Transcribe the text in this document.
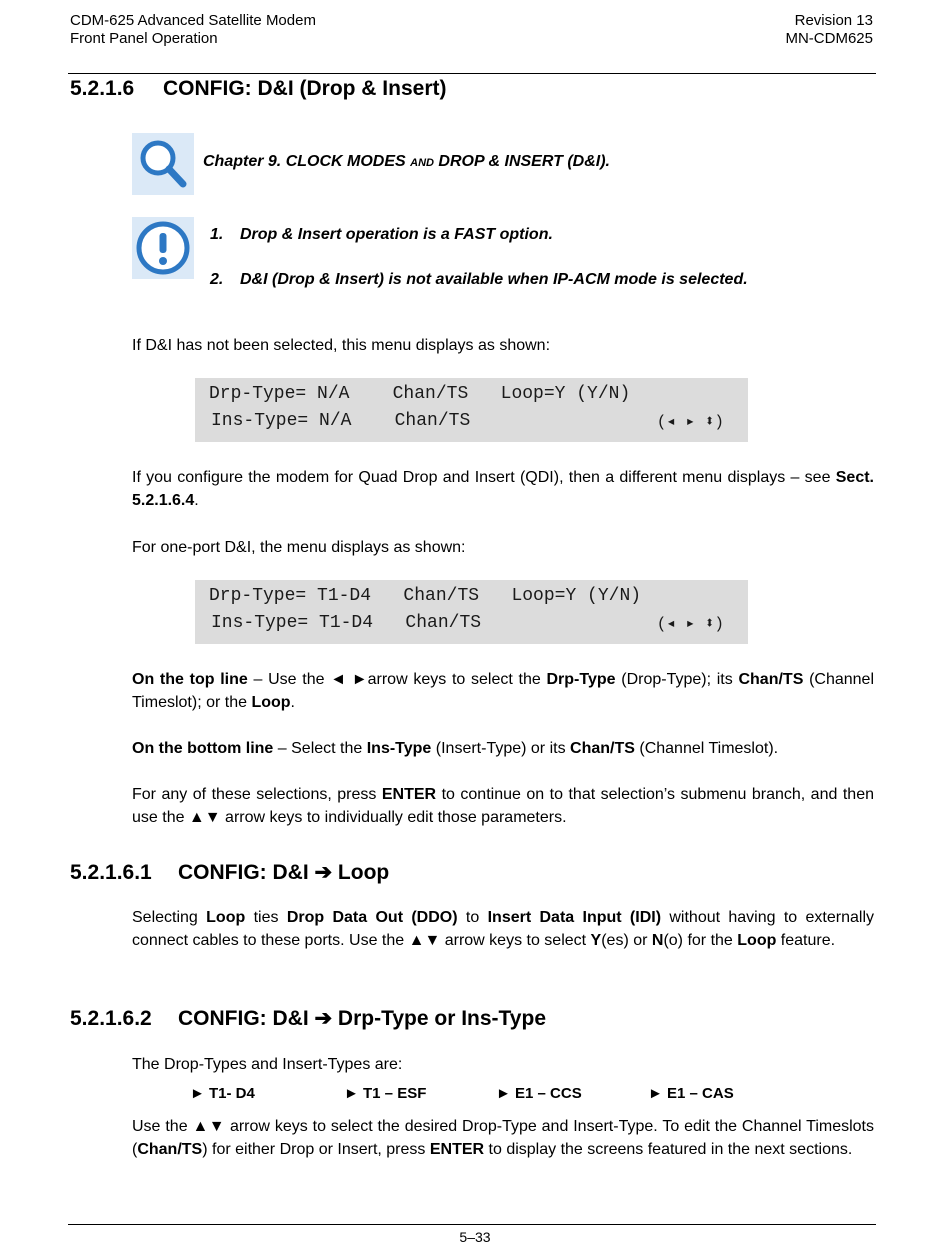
CDM-625 Advanced Satellite Modem
Front Panel Operation
Revision 13
MN-CDM625
5.2.1.6 CONFIG: D&I (Drop & Insert)
Chapter 9. CLOCK MODES AND DROP & INSERT (D&I).
1. Drop & Insert operation is a FAST option.
2. D&I (Drop & Insert) is not available when IP-ACM mode is selected.
If D&I has not been selected, this menu displays as shown:
Drp-Type= N/A    Chan/TS   Loop=Y (Y/N)
Ins-Type= N/A    Chan/TS	(◂ ▸ ⬍)
If you configure the modem for Quad Drop and Insert (QDI), then a different menu displays – see Sect. 5.2.1.6.4.
For one-port D&I, the menu displays as shown:
Drp-Type= T1-D4   Chan/TS   Loop=Y (Y/N)
Ins-Type= T1-D4   Chan/TS	(◂ ▸ ⬍)
On the top line – Use the ◄ ►arrow keys to select the Drp-Type (Drop-Type); its Chan/TS (Channel Timeslot); or the Loop.
On the bottom line – Select the Ins-Type (Insert-Type) or its Chan/TS (Channel Timeslot).
For any of these selections, press ENTER to continue on to that selection’s submenu branch, and then use the ▲▼ arrow keys to individually edit those parameters.
5.2.1.6.1 CONFIG: D&I ➔ Loop
Selecting Loop ties Drop Data Out (DDO) to Insert Data Input (IDI) without having to externally connect cables to these ports. Use the ▲▼ arrow keys to select Y(es) or N(o) for the Loop feature.
5.2.1.6.2 CONFIG: D&I ➔ Drp-Type or Ins-Type
The Drop-Types and Insert-Types are:
► T1- D4	► T1 – ESF	► E1 – CCS	► E1 – CAS
Use the ▲▼ arrow keys to select the desired Drop-Type and Insert-Type. To edit the Channel Timeslots (Chan/TS) for either Drop or Insert, press ENTER to display the screens featured in the next sections.
5–33
